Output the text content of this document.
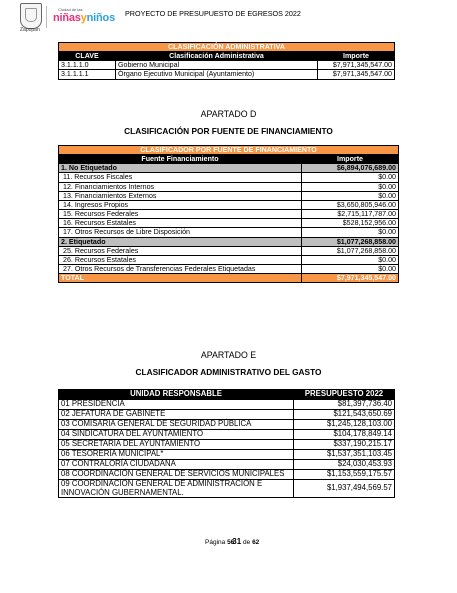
Zapopan
Ciudad de las
niñasyniños PROYECTO DE PRESUPUESTO DE EGRESOS 2022
CLASIFICACIÓN ADMINISTRATIVA		
CLAVE	Clasificación Administrativa	Importe
3.1.1.1.0	Gobierno Municipal	$7,971,345,547.00
3.1.1.1.1	Órgano Ejecutivo Municipal (Ayuntamiento)	$7,971,345,547.00
APARTADO D
CLASIFICACIÓN POR FUENTE DE FINANCIAMIENTO
CLASIFICADOR POR FUENTE DE FINANCIAMIENTO	
Fuente Financiamiento	Importe
1. No Etiquetado	$6,894,076,689.00
11. Recursos Fiscales	$0.00
12. Financiamientos Internos	$0.00
13. Financiamientos Externos	$0.00
14. Ingresos Propios	$3,650,805,946.00
15. Recursos Federales	$2,715,117,787.00
16. Recursos Estatales	$528,152,956.00
17. Otros Recursos de Libre Disposición	$0.00
2. Etiquetado	$1,077,268,858.00
25. Recursos Federales	$1,077,268,858.00
26. Recursos Estatales	$0.00
27. Otros Recursos de Transferencias Federales Etiquetadas	$0.00
TOTAL	$7,971,345,547.00
APARTADO E
CLASIFICADOR ADMINISTRATIVO DEL GASTO
UNIDAD RESPONSABLE	PRESUPUESTO 2022
01 PRESIDENCIA	$81,397,736.40
02 JEFATURA DE GABINETE	$121,543,650.69
03 COMISARIA GENERAL DE SEGURIDAD PÚBLICA	$1,245,128,103.00
04 SINDICATURA DEL AYUNTAMIENTO	$104,178,849.14
05 SECRETARIA DEL AYUNTAMIENTO	$337,190,215.17
06 TESORERÍA MUNICIPAL*	$1,537,351,103.45
07 CONTRALORÍA CIUDADANA	$24,030,453.93
08 COORDINACIÓN GENERAL DE SERVICIOS MUNICIPALES	$1,153,559,175.57
09 COORDINACIÓN GENERAL DE ADMINISTRACIÓN E INNOVACIÓN GUBERNAMENTAL.	$1,937,494,569.57
Página 5631 de 62
